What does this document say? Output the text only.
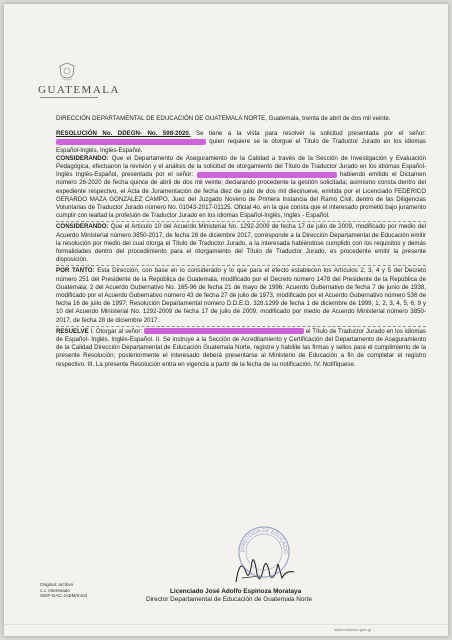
GUATEMALA

DIRECCIÓN DEPARTAMENTAL DE EDUCACIÓN DE GUATEMALA NORTE, Guatemala, treinta de abril de dos mil veinte.

RESOLUCIÓN No. DDEGN- No. 598-2020. Se tiene a la vista para resolver la solicitud presentada por el señor:  quien requiere se le otorgue el Título de Traductor Jurado en los idiomas Español-Inglés, Inglés-Español.

CONSIDERANDO: Que el Departamento de Aseguramiento de la Calidad a través de la Sección de Investigación y Evaluación Pedagógica, efectuaron la revisión y el análisis de la solicitud de otorgamiento del Título de Traductor Jurado en los idiomas Español-Inglés Inglés-Español, presentada por el señor:	habiendo emitido el Dictamen número 26-2020 de fecha quince de abril de dos mil veinte, declarando procedente la gestión solicitada; asimismo consta dentro del expediente respectivo, el Acta de Juramentación de fecha diez de julio de dos mil diecinueve, emitida por el Licenciado FEDERICO GERARDO MAZA GONZALEZ CAMPO, Juez del Juzgado Noveno de Primera Instancia del Ramo Civil, dentro de las Diligencias Voluntarias de Traductor Jurado número No. 01043-2017-01125. Oficial 4o. en la que consta que el interesado prometió bajo juramento cumplir con lealtad la profesión de Traductor Jurado en los idiomas Español-Inglés, Inglés - Español.

CONSIDERANDO: Que el Artículo 10 del Acuerdo Ministerial No. 1292-2009 de fecha 17 de julio de 2009, modificado por medio del Acuerdo Ministerial número 3850-2017, de fecha 28 de diciembre 2017, corresponde a la Dirección Departamental de Educación emitir la resolución por medio del cual otorga el Título de Traductor Jurado, a la interesada habiéndose cumplido con los requisitos y demás formalidades dentro del procedimiento para el otorgamiento del Título de Traductor Jurado, es procedente emitir la presente disposición.

POR TANTO: Esta Dirección, con base en lo considerado y lo que para el efecto establecen los Artículos 2, 3, 4 y 5 del Decreto número 251 del Presidente de la República de Guatemala, modificado por el Decreto número 1478 del Presidente de la República de Guatemala; 2 del Acuerdo Gubernativo No. 165-96 de fecha 21 de mayo de 1996; Acuerdo Gubernativo de fecha 7 de junio de 1938, modificado por el Acuerdo Gubernativo número 43 de fecha 27 de julio de 1973, modificado por el Acuerdo Gubernativo número 536 de fecha 16 de julio de 1997; Resolución Departamental número D.D.E.G. 328.1299 de fecha 1 de diciembre de 1999, 1, 2, 3, 4, 5, 6, 9 y 10 del Acuerdo Ministerial No. 1292-2009 de fecha 17 de julio de 2009, modificado por medio de Acuerdo Ministerial número 3850-2017, de fecha 28 de diciembre 2017.

RESUELVE I. Otorgar al señor:	el Título de Traductor Jurado en los idiomas de Español- Inglés, Inglés-Español. II. Se instruye a la Sección de Acreditamiento y Certificación del Departamento de Aseguramiento de la Calidad Dirección Departamental de Educación Guatemala Norte, registre y habilite las firmas y sellos para el cumplimiento de la presente Resolución; posteriormente el interesado deberá presentarse al Ministerio de Educación a fin de completar el registro respectivo. III. La presente Resolución entra en vigencia a partir de la fecha de su notificación. IV. Notifíquese.

DIRECCIÓN DE EDUCACIÓ
Licenciado José Adolfo Espinoza Morataya
Director Departamental de Educación de Guatemala Norte
Original: archivo
c.c. interesado
SIEP-DAC-JAEM/mmd
www.mineduc.gob.gt
